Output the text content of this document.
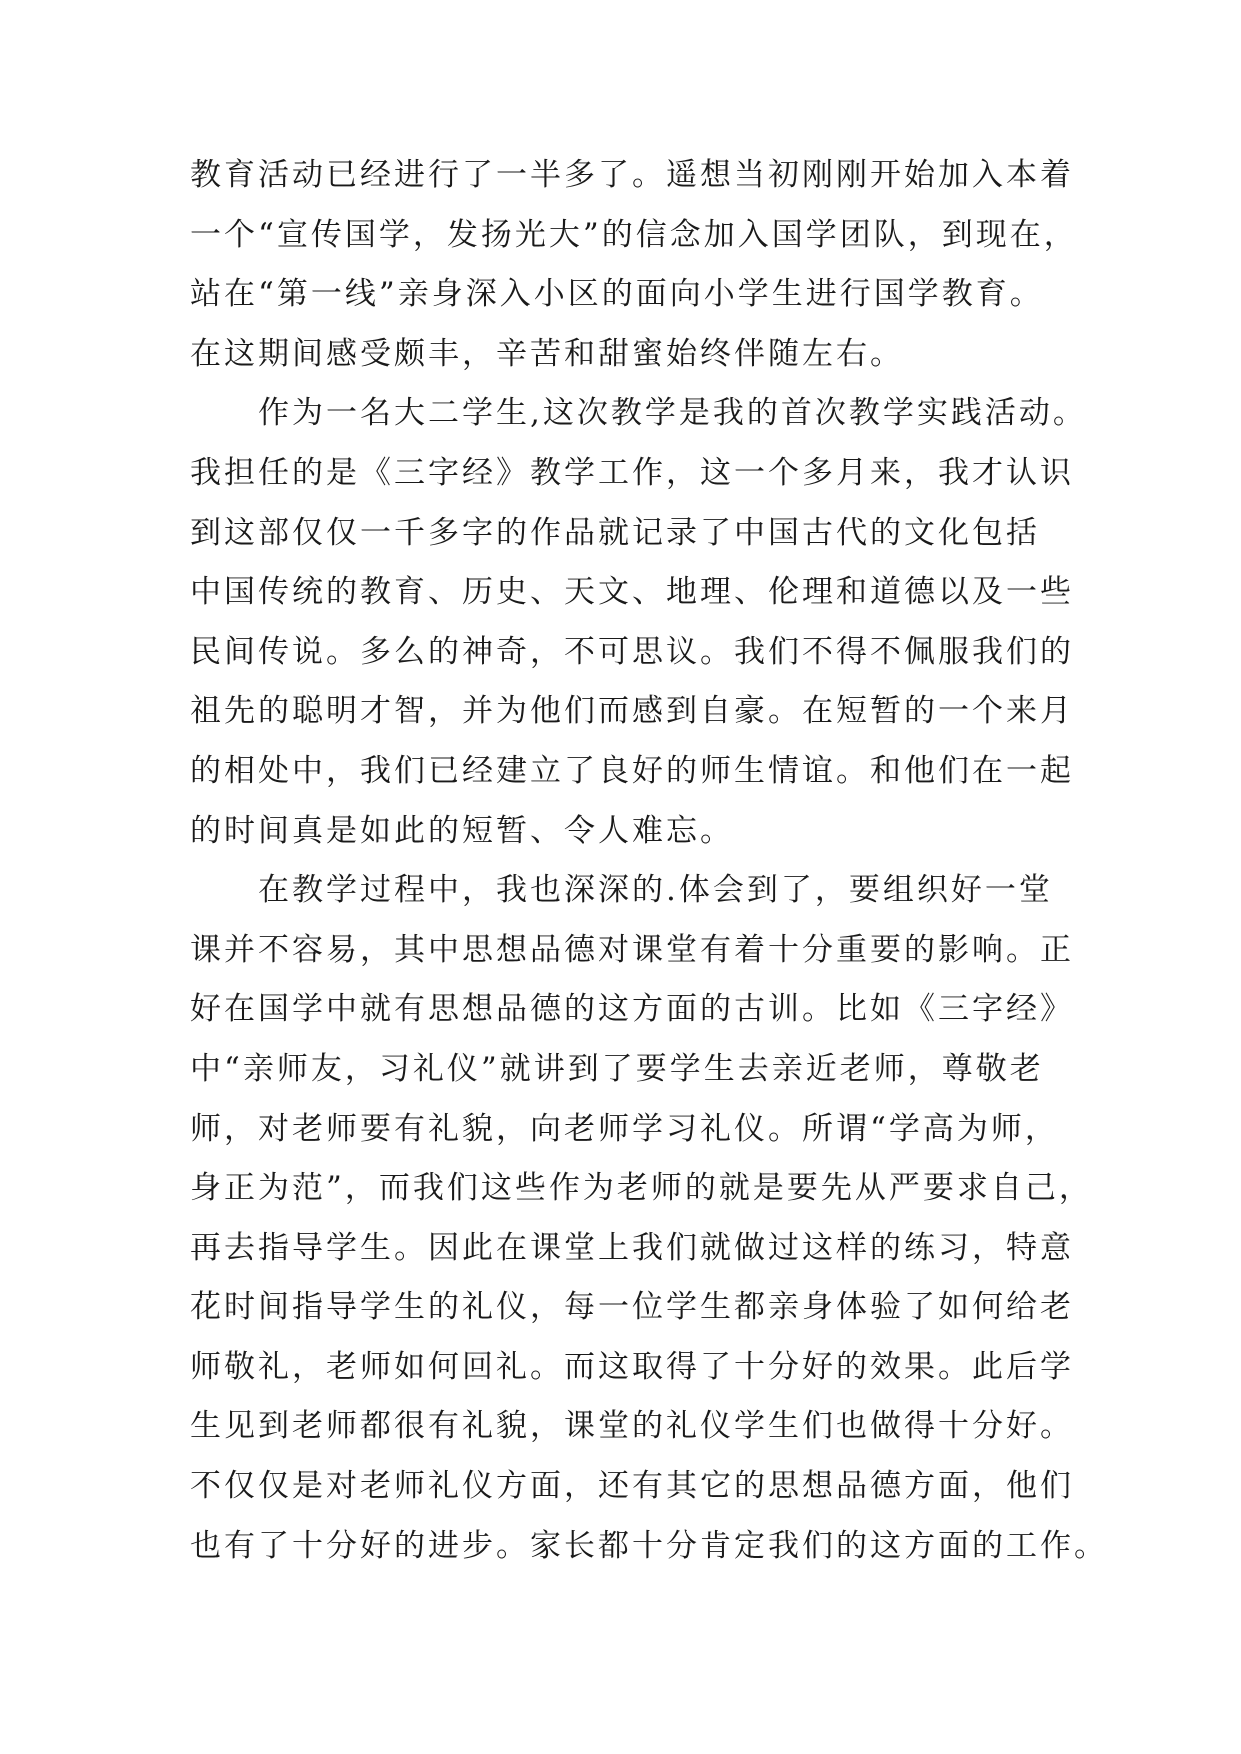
教育活动已经进行了一半多了。遥想当初刚刚开始加入本着
一个“宣传国学，发扬光大”的信念加入国学团队，到现在，
站在“第一线”亲身深入小区的面向小学生进行国学教育。
在这期间感受颇丰，辛苦和甜蜜始终伴随左右。
作为一名大二学生,这次教学是我的首次教学实践活动。
我担任的是《三字经》教学工作，这一个多月来，我才认识
到这部仅仅一千多字的作品就记录了中国古代的文化包括
中国传统的教育、历史、天文、地理、伦理和道德以及一些
民间传说。多么的神奇，不可思议。我们不得不佩服我们的
祖先的聪明才智，并为他们而感到自豪。在短暂的一个来月
的相处中，我们已经建立了良好的师生情谊。和他们在一起
的时间真是如此的短暂、令人难忘。
在教学过程中，我也深深的.体会到了，要组织好一堂
课并不容易，其中思想品德对课堂有着十分重要的影响。正
好在国学中就有思想品德的这方面的古训。比如《三字经》
中“亲师友，习礼仪”就讲到了要学生去亲近老师，尊敬老
师，对老师要有礼貌，向老师学习礼仪。所谓“学高为师，
身正为范”，而我们这些作为老师的就是要先从严要求自己，
再去指导学生。因此在课堂上我们就做过这样的练习，特意
花时间指导学生的礼仪，每一位学生都亲身体验了如何给老
师敬礼，老师如何回礼。而这取得了十分好的效果。此后学
生见到老师都很有礼貌，课堂的礼仪学生们也做得十分好。
不仅仅是对老师礼仪方面，还有其它的思想品德方面，他们
也有了十分好的进步。家长都十分肯定我们的这方面的工作。
